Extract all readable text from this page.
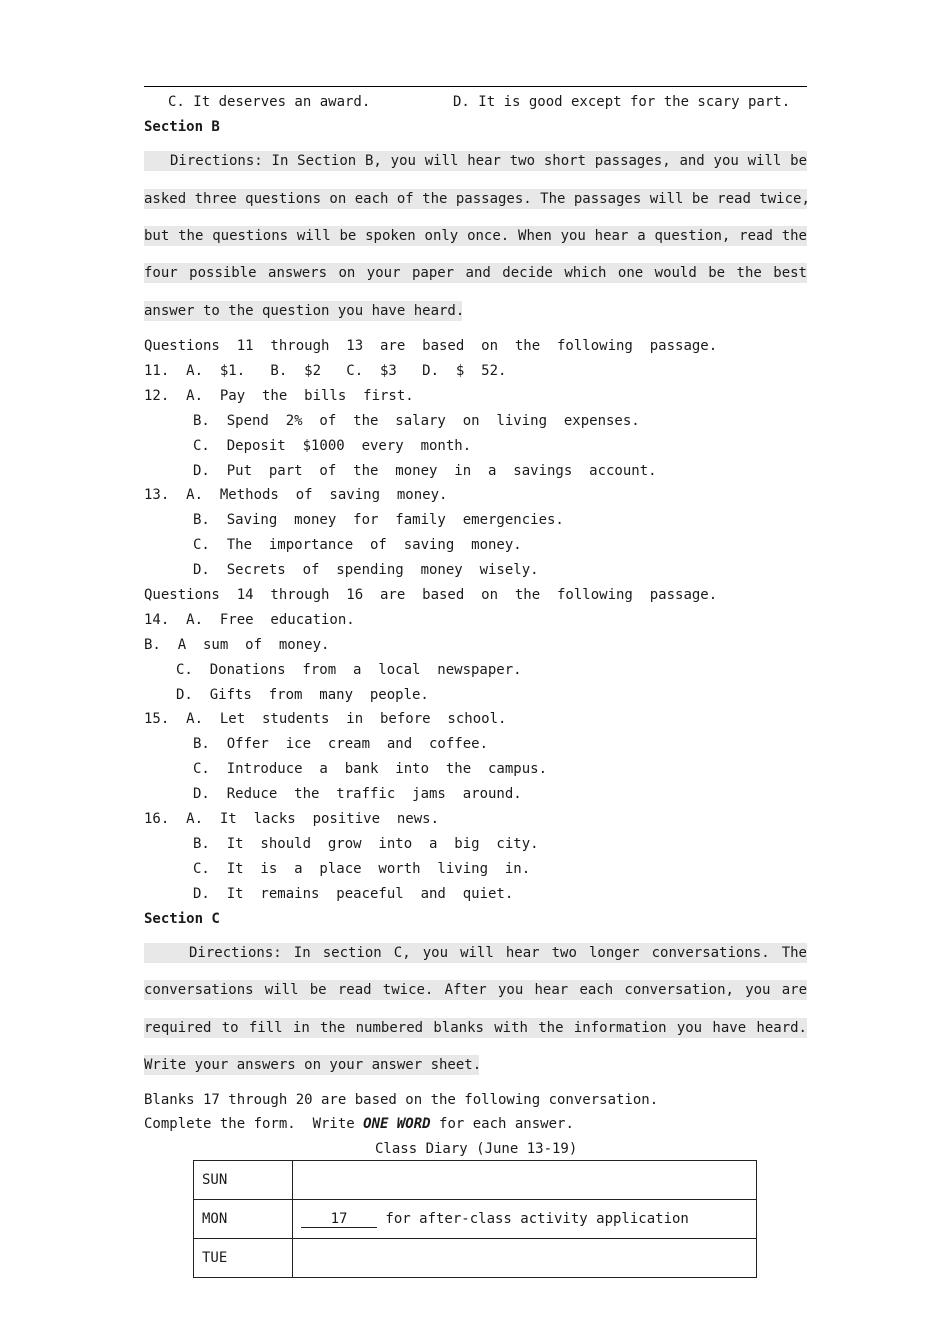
C. It deserves an award.	D. It is good except for the scary part.
Section B
Directions: In Section B, you will hear two short passages, and you will be
asked three questions on each of the passages. The passages will be read twice,
but the questions will be spoken only once. When you hear a question, read the
four possible answers on your paper and decide which one would be the best
answer to the question you have heard.
Questions  11  through  13  are  based  on  the  following  passage.
11.  A.  $1.   B.  $2   C.  $3   D.  $  52.
12.  A.  Pay  the  bills  first.
B.  Spend  2%  of  the  salary  on  living  expenses.
C.  Deposit  $1000  every  month.
D.  Put  part  of  the  money  in  a  savings  account.
13.  A.  Methods  of  saving  money.
B.  Saving  money  for  family  emergencies.
C.  The  importance  of  saving  money.
D.  Secrets  of  spending  money  wisely.
Questions  14  through  16  are  based  on  the  following  passage.
14.  A.  Free  education.
B.  A  sum  of  money.
C.  Donations  from  a  local  newspaper.
D.  Gifts  from  many  people.
15.  A.  Let  students  in  before  school.
B.  Offer  ice  cream  and  coffee.
C.  Introduce  a  bank  into  the  campus.
D.  Reduce  the  traffic  jams  around.
16.  A.  It  lacks  positive  news.
B.  It  should  grow  into  a  big  city.
C.  It  is  a  place  worth  living  in.
D.  It  remains  peaceful  and  quiet.
Section C
Directions: In section C, you will hear two longer conversations. The
conversations will be read twice. After you hear each conversation, you are
required to fill in the numbered blanks with the information you have heard.
Write your answers on your answer sheet.
Blanks 17 through 20 are based on the following conversation.
Complete the form.  Write ONE WORD for each answer.
Class Diary (June 13-19)
SUN	
MON	17 for after-class activity application
TUE	
